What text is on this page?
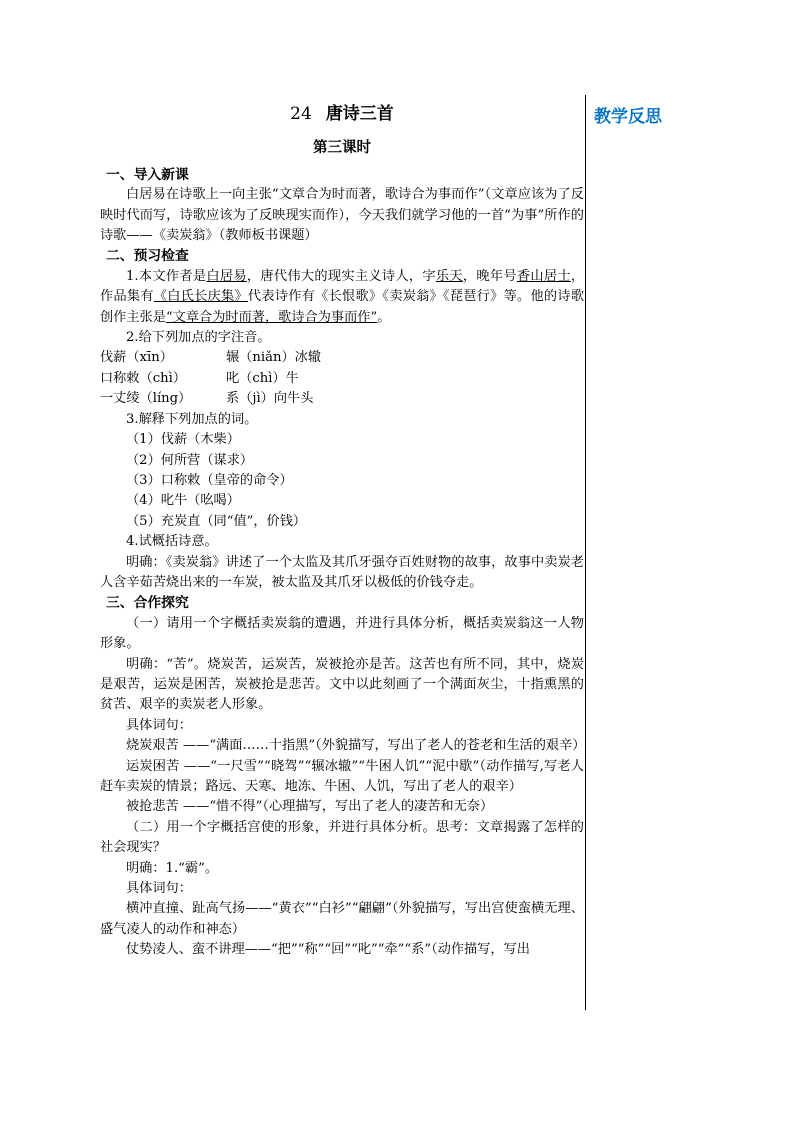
教学反思
24 唐诗三首
第三课时
一、导入新课

白居易在诗歌上一向主张“文章合为时而著，歌诗合为事而作”（文章应该为了反映时代而写，诗歌应该为了反映现实而作），今天我们就学习他的一首“为事”所作的诗歌——《卖炭翁》（教师板书课题）

二、预习检查

1.本文作者是白居易，唐代伟大的现实主义诗人，字乐天，晚年号香山居士，作品集有《白氏长庆集》代表诗作有《长恨歌》《卖炭翁》《琵琶行》等。他的诗歌创作主张是“文章合为时而著，歌诗合为事而作”。

2.给下列加点的字注音。

伐薪（xīn）	辗（niǎn）冰辙
口称敕（chì）	叱（chì）牛
一丈绫（líng）	系（jì）向牛头

3.解释下列加点的词。

（1）伐薪（木柴）

（2）何所营（谋求）

（3）口称敕（皇帝的命令）

（4）叱牛（吆喝）

（5）充炭直（同“值”，价钱）

4.试概括诗意。

明确：《卖炭翁》讲述了一个太监及其爪牙强夺百姓财物的故事，故事中卖炭老人含辛茹苦烧出来的一车炭，被太监及其爪牙以极低的价钱夺走。

三、合作探究

（一）请用一个字概括卖炭翁的遭遇，并进行具体分析，概括卖炭翁这一人物形象。

明确：“苦”。烧炭苦，运炭苦，炭被抢亦是苦。这苦也有所不同，其中，烧炭是艰苦，运炭是困苦，炭被抢是悲苦。文中以此刻画了一个满面灰尘，十指熏黑的贫苦、艰辛的卖炭老人形象。

具体词句：

烧炭艰苦 ——“满面……十指黑”（外貌描写，写出了老人的苍老和生活的艰辛）

运炭困苦 ——“一尺雪”“晓驾”“辗冰辙”“牛困人饥”“泥中歇”（动作描写,写老人赶车卖炭的情景；路远、天寒、地冻、牛困、人饥，写出了老人的艰辛）

被抢悲苦 ——“惜不得”（心理描写，写出了老人的凄苦和无奈）

（二）用一个字概括宫使的形象，并进行具体分析。思考：文章揭露了怎样的社会现实？

明确：1.“霸”。

具体词句：

横冲直撞、趾高气扬——“黄衣”“白衫”“翩翩”（外貌描写，写出宫使蛮横无理、盛气凌人的动作和神态）

仗势凌人、蛮不讲理——“把”“称”“回”“叱”“牵”“系”（动作描写，写出
